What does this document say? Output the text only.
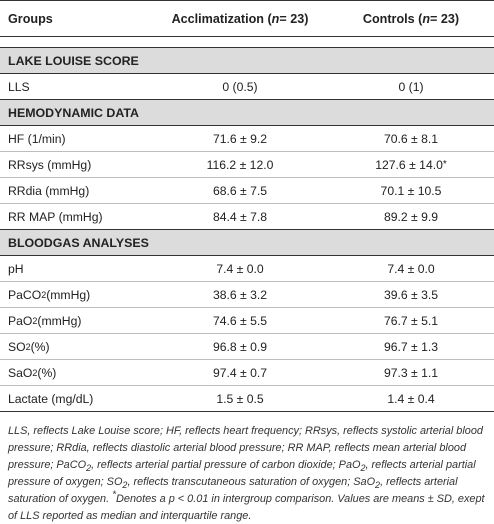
Groups	Acclimatization ( n = 23)	Controls ( n = 23)
LAKE LOUISE SCORE
LLS	0 (0.5)	0 (1)
HEMODYNAMIC DATA
HF (1/min)	71.6 ± 9.2	70.6 ± 8.1
RRsys (mmHg)	116.2 ± 12.0	127.6 ± 14.0 *
RRdia (mmHg)	68.6 ± 7.5	70.1 ± 10.5
RR MAP (mmHg)	84.4 ± 7.8	89.2 ± 9.9
BLOODGAS ANALYSES
pH	7.4 ± 0.0	7.4 ± 0.0
PaCO 2 (mmHg)	38.6 ± 3.2	39.6 ± 3.5
PaO 2 (mmHg)	74.6 ± 5.5	76.7 ± 5.1
SO 2 (%)	96.8 ± 0.9	96.7 ± 1.3
SaO 2 (%)	97.4 ± 0.7	97.3 ± 1.1
Lactate (mg/dL)	1.5 ± 0.5	1.4 ± 0.4
LLS, reflects Lake Louise score; HF, reflects heart frequency; RRsys, reflects systolic arterial blood pressure; RRdia, reflects diastolic arterial blood pressure; RR MAP, reflects mean arterial blood pressure; PaCO$_2$, reflects arterial partial pressure of carbon dioxide; PaO$_2$, reflects arterial partial pressure of oxygen; $SO_2$, reflects transcutaneous saturation of oxygen; SaO$_2$, reflects arterial saturation of oxygen. *Denotes a p < 0.01 in intergroup comparison. Values are means ± SD, exept of LLS reported as median and interquartile range.
